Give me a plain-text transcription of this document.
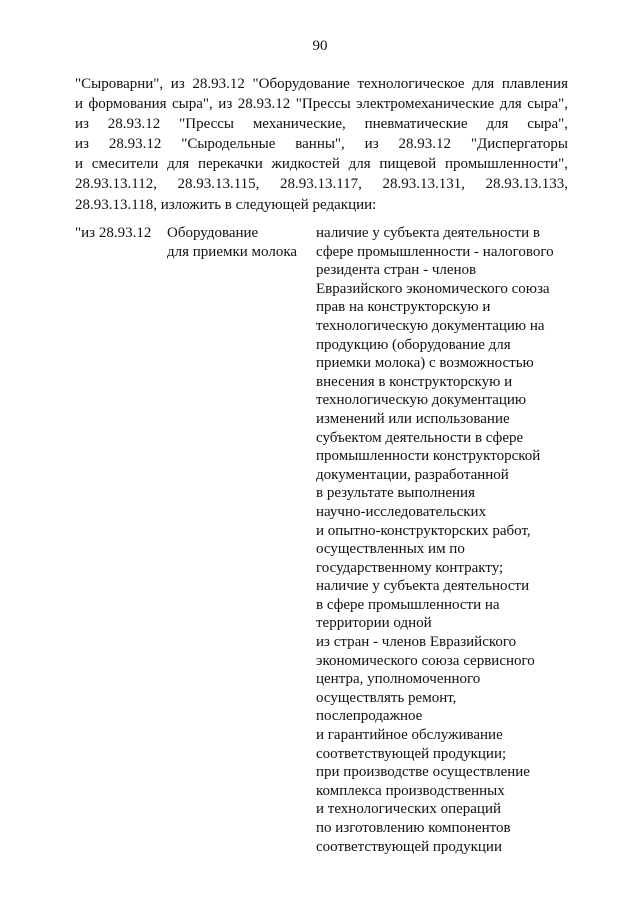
90
"Сыроварни", из 28.93.12 "Оборудование технологическое для плавления
и формования сыра", из 28.93.12 "Прессы электромеханические для сыра",
из 28.93.12 "Прессы механические, пневматические для сыра",
из 28.93.12 "Сыродельные ванны", из 28.93.12 "Диспергаторы
и смесители для перекачки жидкостей для пищевой промышленности",
28.93.13.112, 28.93.13.115, 28.93.13.117, 28.93.13.131, 28.93.13.133,
28.93.13.118, изложить в следующей редакции:
"из 28.93.12	Оборудование
для приемки молока
наличие у субъекта деятельности в
сфере промышленности - налогового
резидента стран - членов
Евразийского экономического союза
прав на конструкторскую и
технологическую документацию на
продукцию (оборудование для
приемки молока) с возможностью
внесения в конструкторскую и
технологическую документацию
изменений или использование
субъектом деятельности в сфере
промышленности конструкторской
документации, разработанной
в результате выполнения
научно-исследовательских
и опытно-конструкторских работ,
осуществленных им по
государственному контракту;
наличие у субъекта деятельности
в сфере промышленности на
территории одной
из стран - членов Евразийского
экономического союза сервисного
центра, уполномоченного
осуществлять ремонт,
послепродажное
и гарантийное обслуживание
соответствующей продукции;
при производстве осуществление
комплекса производственных
и технологических операций
по изготовлению компонентов
соответствующей продукции
